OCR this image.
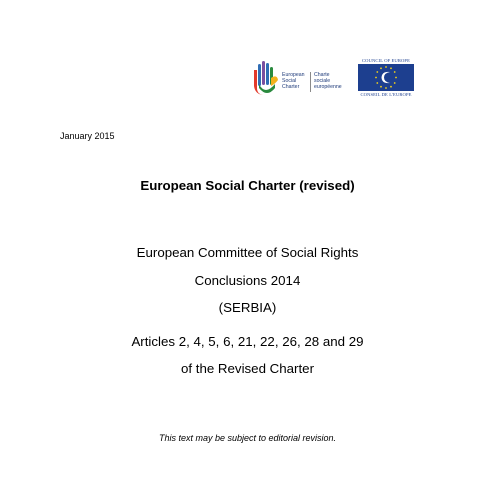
European
Social
Charter
Charte
sociale
européenne
COUNCIL OF EUROPE
CONSEIL DE L'EUROPE
January 2015
European Social Charter (revised)
European Committee of Social Rights
Conclusions 2014
(SERBIA)
Articles 2, 4, 5, 6, 21, 22, 26, 28 and 29
of the Revised Charter
This text may be subject to editorial revision.
